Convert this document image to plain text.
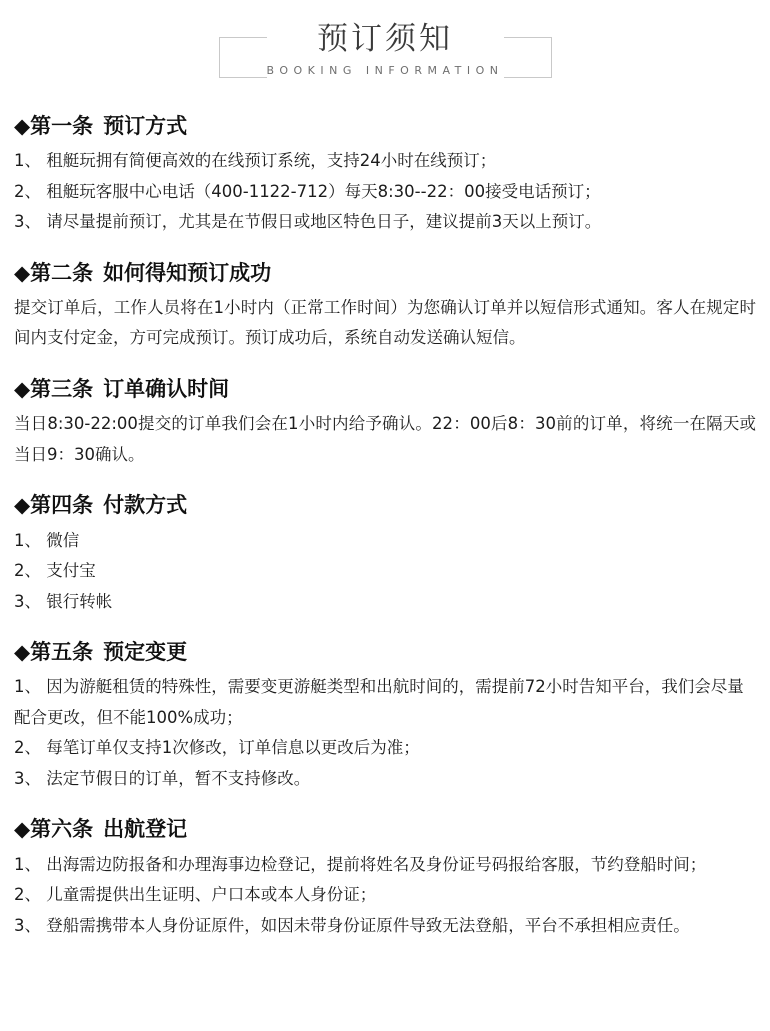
预订须知
BOOKING INFORMATION
◆第一条 预订方式
1、 租艇玩拥有简便高效的在线预订系统，支持24小时在线预订；
2、 租艇玩客服中心电话（400-1122-712）每天8:30--22：00接受电话预订；
3、 请尽量提前预订，尤其是在节假日或地区特色日子，建议提前3天以上预订。
◆第二条 如何得知预订成功

提交订单后，工作人员将在1小时内（正常工作时间）为您确认订单并以短信形式通知。客人在规定时间内支付定金，方可完成预订。预订成功后，系统自动发送确认短信。

◆第三条 订单确认时间

当日8:30-22:00提交的订单我们会在1小时内给予确认。22：00后8：30前的订单，将统一在隔天或当日9：30确认。

◆第四条 付款方式
1、 微信
2、 支付宝
3、 银行转帐
◆第五条 预定变更
1、 因为游艇租赁的特殊性，需要变更游艇类型和出航时间的，需提前72小时告知平台，我们会尽量配合更改，但不能100%成功；
2、 每笔订单仅支持1次修改，订单信息以更改后为准；
3、 法定节假日的订单，暂不支持修改。
◆第六条 出航登记
1、 出海需边防报备和办理海事边检登记，提前将姓名及身份证号码报给客服，节约登船时间；
2、 儿童需提供出生证明、户口本或本人身份证；
3、 登船需携带本人身份证原件，如因未带身份证原件导致无法登船，平台不承担相应责任。
